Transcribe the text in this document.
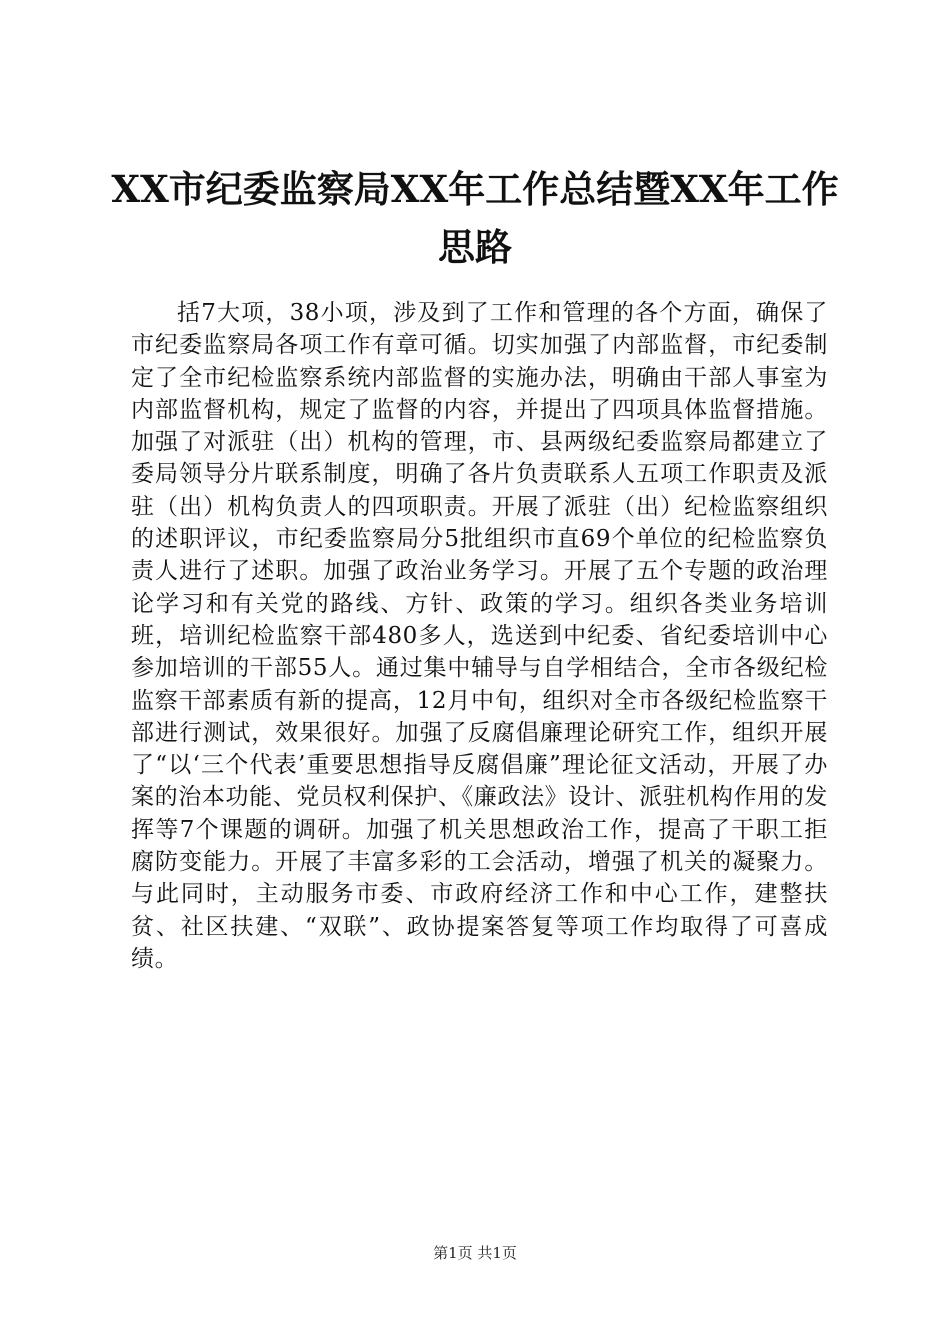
XX市纪委监察局XX年工作总结暨XX年工作思路

括7大项，38小项，涉及到了工作和管理的各个方面，确保了市纪委监察局各项工作有章可循。切实加强了内部监督，市纪委制定了全市纪检监察系统内部监督的实施办法，明确由干部人事室为内部监督机构，规定了监督的内容，并提出了四项具体监督措施。加强了对派驻（出）机构的管理，市、县两级纪委监察局都建立了委局领导分片联系制度，明确了各片负责联系人五项工作职责及派驻（出）机构负责人的四项职责。开展了派驻（出）纪检监察组织的述职评议，市纪委监察局分5批组织市直69个单位的纪检监察负责人进行了述职。加强了政治业务学习。开展了五个专题的政治理论学习和有关党的路线、方针、政策的学习。组织各类业务培训班，培训纪检监察干部480多人，选送到中纪委、省纪委培训中心参加培训的干部55人。通过集中辅导与自学相结合，全市各级纪检监察干部素质有新的提高，12月中旬，组织对全市各级纪检监察干部进行测试，效果很好。加强了反腐倡廉理论研究工作，组织开展了“以‘三个代表’重要思想指导反腐倡廉”理论征文活动，开展了办案的治本功能、党员权利保护、《廉政法》设计、派驻机构作用的发挥等7个课题的调研。加强了机关思想政治工作，提高了干职工拒腐防变能力。开展了丰富多彩的工会活动，增强了机关的凝聚力。与此同时，主动服务市委、市政府经济工作和中心工作，建整扶贫、社区扶建、“双联”、政协提案答复等项工作均取得了可喜成绩。

第1页 共1页
